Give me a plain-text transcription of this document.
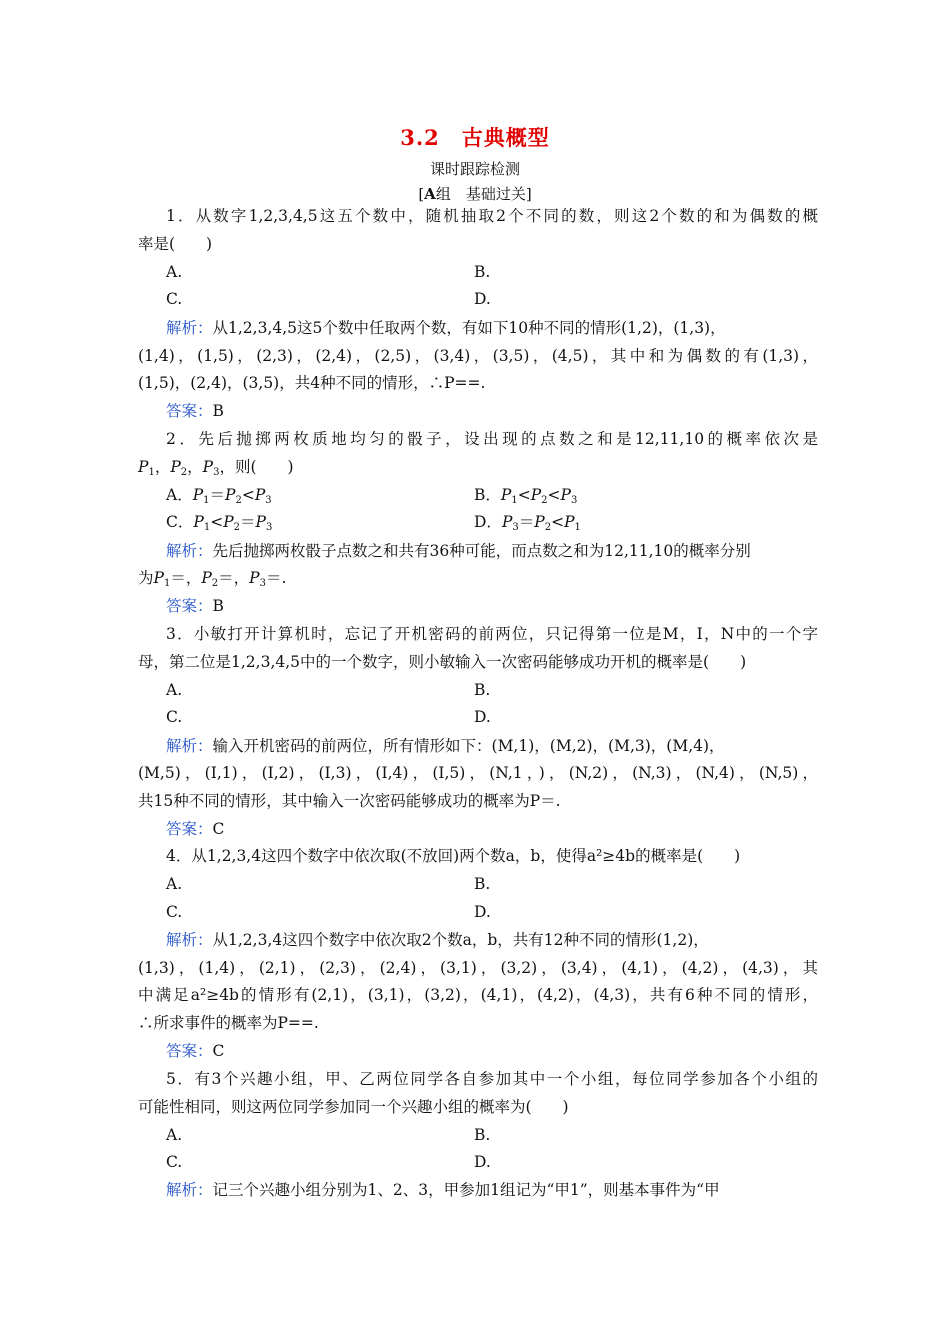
3.2　古典概型
课时跟踪检测
[A组　基础过关]
1．从数字1,2,3,4,5这五个数中，随机抽取2个不同的数，则这2个数的和为偶数的概
率是(　　)
A.	B.
C.	D.
解析：从1,2,3,4,5这5个数中任取两个数，有如下10种不同的情形(1,2)，(1,3)，
(1,4)，(1,5)，(2,3)，(2,4)，(2,5)，(3,4)，(3,5)，(4,5)，其中和为偶数的有(1,3)，
(1,5)，(2,4)，(3,5)，共4种不同的情形，∴P==.
答案：B
2．先后抛掷两枚质地均匀的骰子，设出现的点数之和是12,11,10的概率依次是
$P_1$，$P_2$，$P_3$，则(　　)
A．$P_1=P_2<P_3$	B．$P_1<P_2<P_3$
C．$P_1<P_2=P_3$	D．$P_3=P_2<P_1$
解析：先后抛掷两枚骰子点数之和共有36种可能，而点数之和为12,11,10的概率分别
为$P_1=$，$P_2=$，$P_3=$.
答案：B
3．小敏打开计算机时，忘记了开机密码的前两位，只记得第一位是M，I，N中的一个字
母，第二位是1,2,3,4,5中的一个数字，则小敏输入一次密码能够成功开机的概率是(　　)
A.	B.
C.	D.
解析：输入开机密码的前两位，所有情形如下：(M,1)，(M,2)，(M,3)，(M,4)，
(M,5)，(I,1)，(I,2)，(I,3)，(I,4)，(I,5)，(N,1，)，(N,2)，(N,3)，(N,4)，(N,5)，
共15种不同的情形，其中输入一次密码能够成功的概率为P＝.
答案：C
4．从1,2,3,4这四个数字中依次取(不放回)两个数a，b，使得a²≥4b的概率是(　　)
A.	B.
C.	D.
解析：从1,2,3,4这四个数字中依次取2个数a，b，共有12种不同的情形(1,2)，
(1,3)，(1,4)，(2,1)，(2,3)，(2,4)，(3,1)，(3,2)，(3,4)，(4,1)，(4,2)，(4,3)，其
中满足a²≥4b的情形有(2,1)，(3,1)，(3,2)，(4,1)，(4,2)，(4,3)，共有6种不同的情形，
∴所求事件的概率为P==.
答案：C
5．有3个兴趣小组，甲、乙两位同学各自参加其中一个小组，每位同学参加各个小组的
可能性相同，则这两位同学参加同一个兴趣小组的概率为(　　)
A.	B.
C.	D.
解析：记三个兴趣小组分别为1、2、3，甲参加1组记为“甲1”，则基本事件为“甲
